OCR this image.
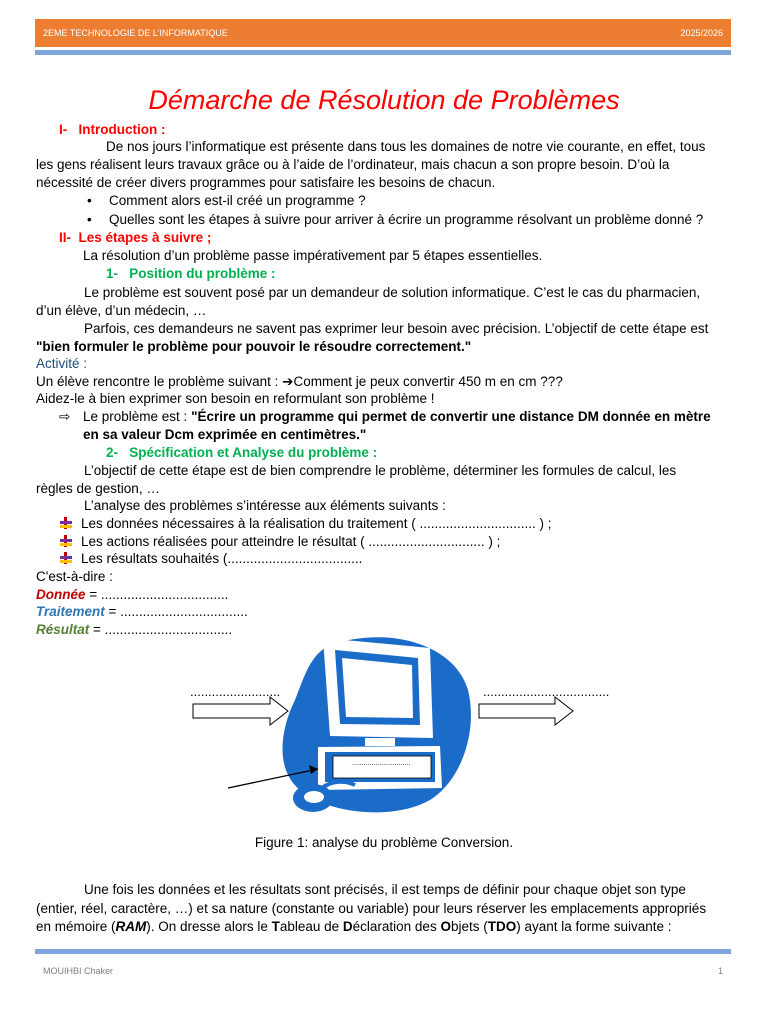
2EME TECHNOLOGIE DE L’INFORMATIQUE	2025/2026
Démarche de Résolution de Problèmes
I- Introduction :
De nos jours l’informatique est présente dans tous les domaines de notre vie courante, en effet, tous
les gens réalisent leurs travaux grâce ou à l’aide de l’ordinateur, mais chacun a son propre besoin. D’où la
nécessité de créer divers programmes pour satisfaire les besoins de chacun.
• Comment alors est-il créé un programme ?
• Quelles sont les étapes à suivre pour arriver à écrire un programme résolvant un problème donné ?
II- Les étapes à suivre ;
La résolution d’un problème passe impérativement par 5 étapes essentielles.
1- Position du problème :
Le problème est souvent posé par un demandeur de solution informatique. C’est le cas du pharmacien,
d’un élève, d’un médecin, …
Parfois, ces demandeurs ne savent pas exprimer leur besoin avec précision. L’objectif de cette étape est
"bien formuler le problème pour pouvoir le résoudre correctement."
Activité :
Un élève rencontre le problème suivant : ➔Comment je peux convertir 450 m en cm ???
Aidez-le à bien exprimer son besoin en reformulant son problème !
⇨ Le problème est : "Écrire un programme qui permet de convertir une distance DM donnée en mètre
en sa valeur Dcm exprimée en centimètres."
2- Spécification et Analyse du problème :
L’objectif de cette étape est de bien comprendre le problème, déterminer les formules de calcul, les
règles de gestion, …
L’analyse des problèmes s’intéresse aux éléments suivants :
Les données nécessaires à la réalisation du traitement ( ............................... ) ;
Les actions réalisées pour atteindre le résultat ( ............................... ) ;
Les résultats souhaités (....................................
C'est-à-dire :
Donnée = ..................................
Traitement = ..................................
Résultat = ..................................
.........................	...................................
..............................
Figure 1: analyse du problème Conversion.
Une fois les données et les résultats sont précisés, il est temps de définir pour chaque objet son type
(entier, réel, caractère, …) et sa nature (constante ou variable) pour leurs réserver les emplacements appropriés
en mémoire (RAM). On dresse alors le Tableau de Déclaration des Objets (TDO) ayant la forme suivante :
MOUIHBI Chaker	1
